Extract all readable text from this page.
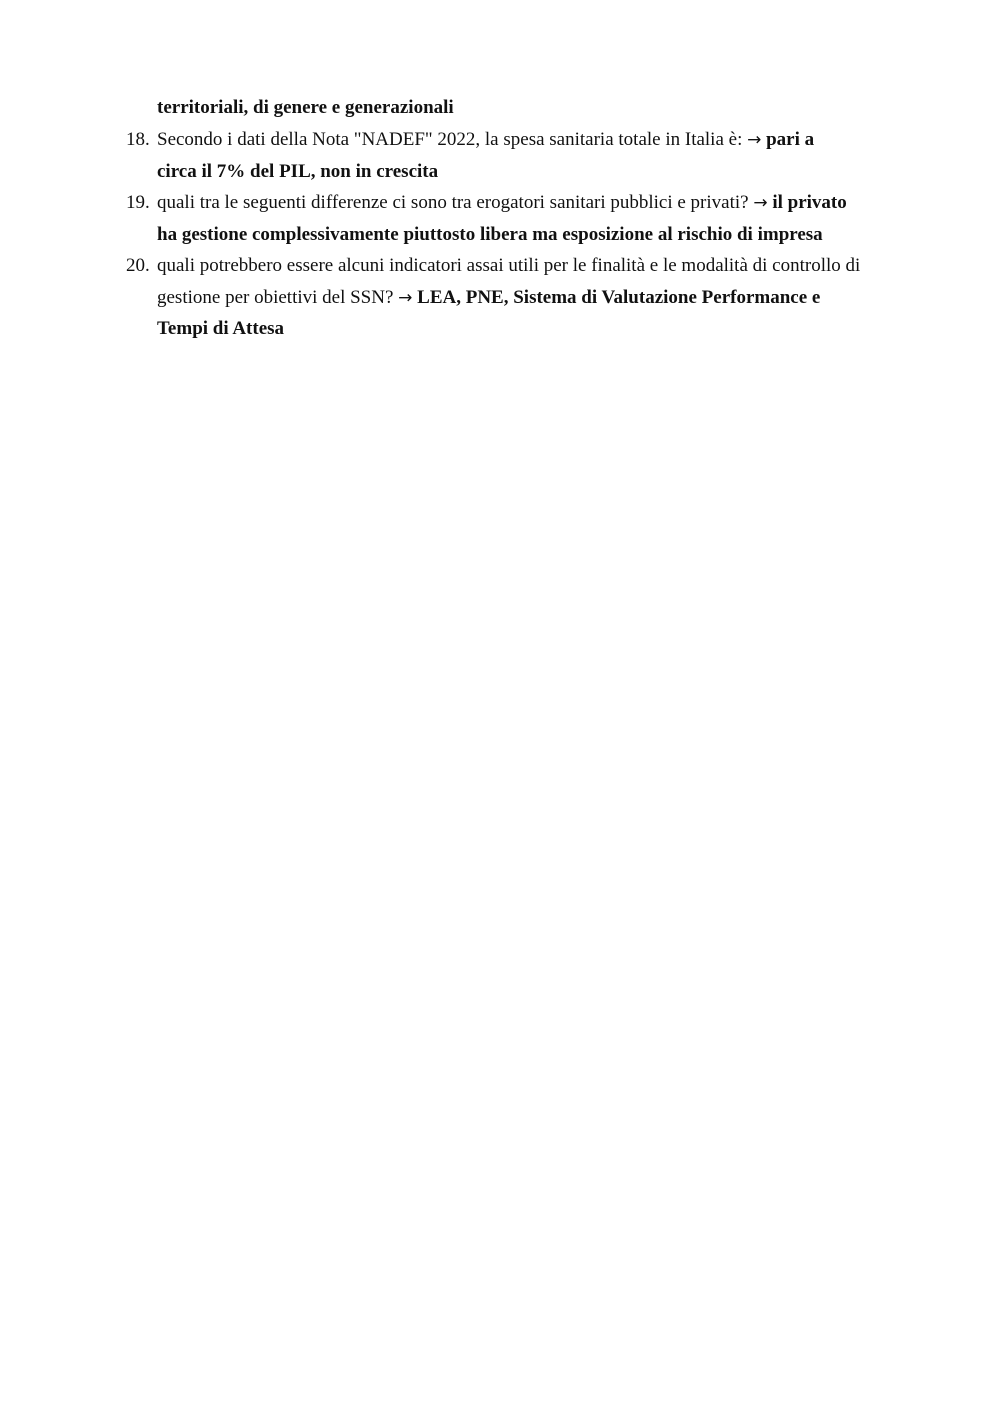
territoriali, di genere e generazionali
18. Secondo i dati della Nota "NADEF" 2022, la spesa sanitaria totale in Italia è: → pari a
circa il 7% del PIL, non in crescita
19. quali tra le seguenti differenze ci sono tra erogatori sanitari pubblici e privati? → il privato
ha gestione complessivamente piuttosto libera ma esposizione al rischio di impresa
20. quali potrebbero essere alcuni indicatori assai utili per le finalità e le modalità di controllo di
gestione per obiettivi del SSN? → LEA, PNE, Sistema di Valutazione Performance e
Tempi di Attesa
